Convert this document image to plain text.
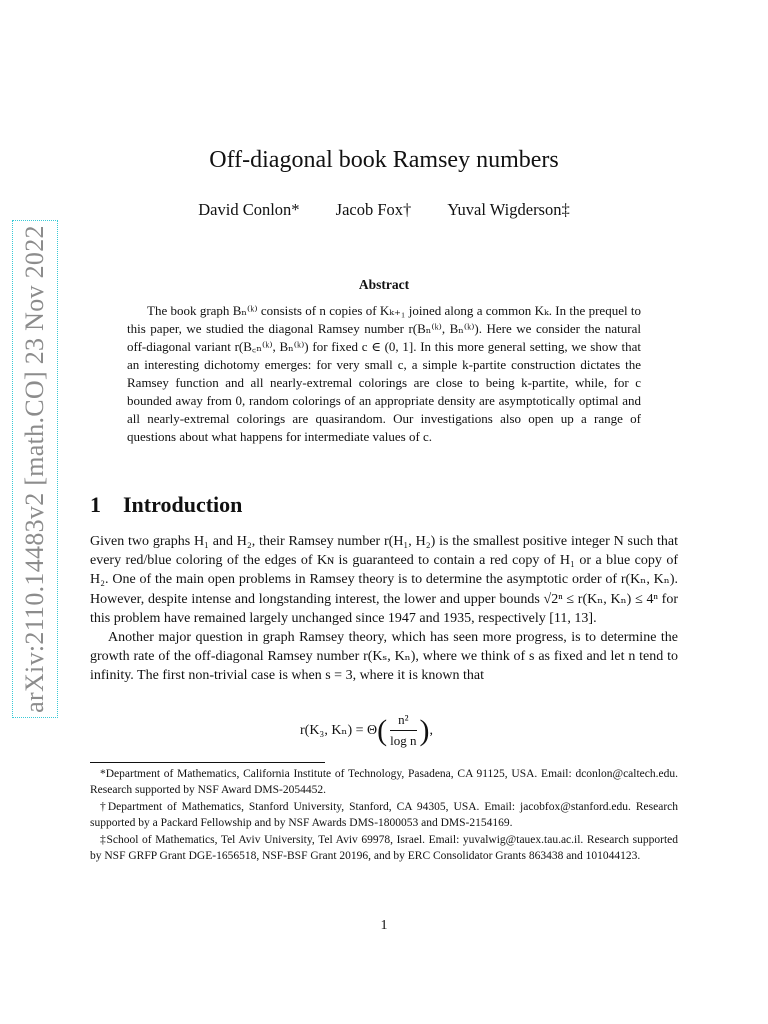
arXiv:2110.14483v2 [math.CO] 23 Nov 2022
Off-diagonal book Ramsey numbers
David Conlon* Jacob Fox† Yuval Wigderson‡
Abstract
The book graph Bₙ⁽ᵏ⁾ consists of n copies of Kₖ₊₁ joined along a common Kₖ. In the prequel to this paper, we studied the diagonal Ramsey number r(Bₙ⁽ᵏ⁾, Bₙ⁽ᵏ⁾). Here we consider the natural off-diagonal variant r(B꜀ₙ⁽ᵏ⁾, Bₙ⁽ᵏ⁾) for fixed c ∈ (0, 1]. In this more general setting, we show that an interesting dichotomy emerges: for very small c, a simple k-partite construction dictates the Ramsey function and all nearly-extremal colorings are close to being k-partite, while, for c bounded away from 0, random colorings of an appropriate density are asymptotically optimal and all nearly-extremal colorings are quasirandom. Our investigations also open up a range of questions about what happens for intermediate values of c.
1 Introduction

Given two graphs H₁ and H₂, their Ramsey number r(H₁, H₂) is the smallest positive integer N such that every red/blue coloring of the edges of Kɴ is guaranteed to contain a red copy of H₁ or a blue copy of H₂. One of the main open problems in Ramsey theory is to determine the asymptotic order of r(Kₙ, Kₙ). However, despite intense and longstanding interest, the lower and upper bounds √2ⁿ ≤ r(Kₙ, Kₙ) ≤ 4ⁿ for this problem have remained largely unchanged since 1947 and 1935, respectively [11, 13].

Another major question in graph Ramsey theory, which has seen more progress, is to determine the growth rate of the off-diagonal Ramsey number r(Kₛ, Kₙ), where we think of s as fixed and let n tend to infinity. The first non-trivial case is when s = 3, where it is known that

r(K₃, Kₙ) = Θ ( $\frac{\text{n²}}{\text{log n}}$ ) ,

*Department of Mathematics, California Institute of Technology, Pasadena, CA 91125, USA. Email: dconlon@caltech.edu. Research supported by NSF Award DMS-2054452.

†Department of Mathematics, Stanford University, Stanford, CA 94305, USA. Email: jacobfox@stanford.edu. Research supported by a Packard Fellowship and by NSF Awards DMS-1800053 and DMS-2154169.

‡School of Mathematics, Tel Aviv University, Tel Aviv 69978, Israel. Email: yuvalwig@tauex.tau.ac.il. Research supported by NSF GRFP Grant DGE-1656518, NSF-BSF Grant 20196, and by ERC Consolidator Grants 863438 and 101044123.

1
